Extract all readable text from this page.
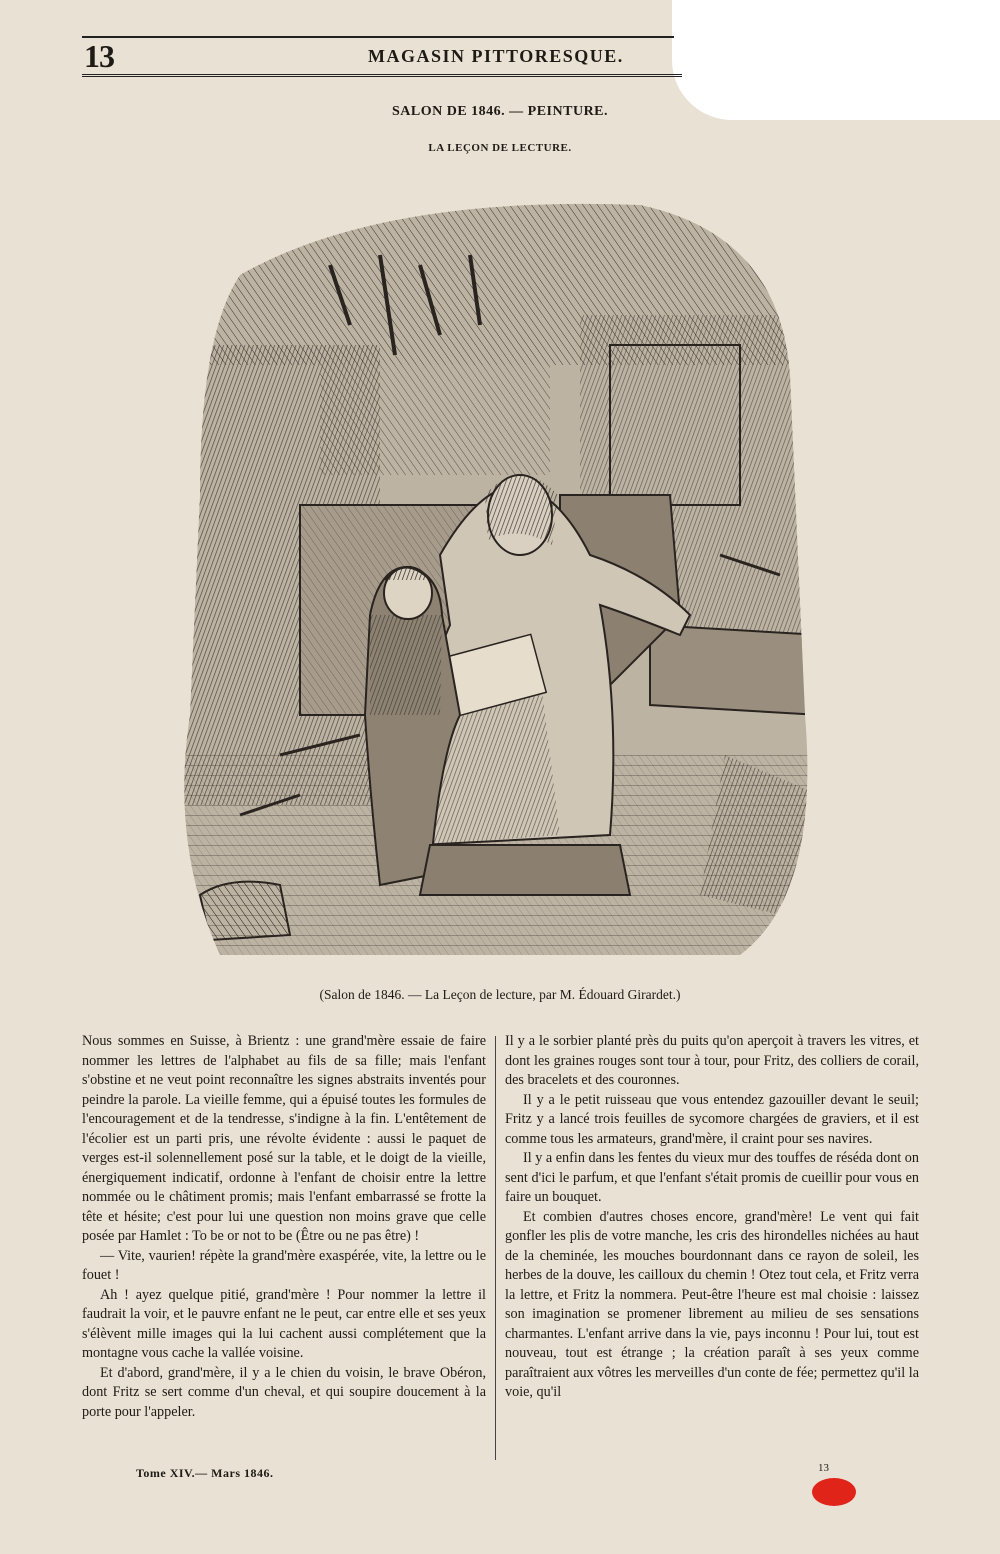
13	MAGASIN PITTORESQUE.
SALON DE 1846. — PEINTURE.
LA LEÇON DE LECTURE.
(Salon de 1846. — La Leçon de lecture, par M. Édouard Girardet.)

Nous sommes en Suisse, à Brientz : une grand'mère essaie de faire nommer les lettres de l'alphabet au fils de sa fille; mais l'enfant s'obstine et ne veut point reconnaître les signes abstraits inventés pour peindre la parole. La vieille femme, qui a épuisé toutes les formules de l'encouragement et de la tendresse, s'indigne à la fin. L'entêtement de l'écolier est un parti pris, une révolte évidente : aussi le paquet de verges est-il solennellement posé sur la table, et le doigt de la vieille, énergiquement indicatif, ordonne à l'enfant de choisir entre la lettre nommée ou le châtiment promis; mais l'enfant embarrassé se frotte la tête et hésite; c'est pour lui une question non moins grave que celle posée par Hamlet : To be or not to be (Être ou ne pas être) !

— Vite, vaurien! répète la grand'mère exaspérée, vite, la lettre ou le fouet !

Ah ! ayez quelque pitié, grand'mère ! Pour nommer la lettre il faudrait la voir, et le pauvre enfant ne le peut, car entre elle et ses yeux s'élèvent mille images qui la lui cachent aussi complétement que la montagne vous cache la vallée voisine.

Et d'abord, grand'mère, il y a le chien du voisin, le brave Obéron, dont Fritz se sert comme d'un cheval, et qui soupire doucement à la porte pour l'appeler.

Il y a le sorbier planté près du puits qu'on aperçoit à travers les vitres, et dont les graines rouges sont tour à tour, pour Fritz, des colliers de corail, des bracelets et des couronnes.

Il y a le petit ruisseau que vous entendez gazouiller devant le seuil; Fritz y a lancé trois feuilles de sycomore chargées de graviers, et il est comme tous les armateurs, grand'mère, il craint pour ses navires.

Il y a enfin dans les fentes du vieux mur des touffes de réséda dont on sent d'ici le parfum, et que l'enfant s'était promis de cueillir pour vous en faire un bouquet.

Et combien d'autres choses encore, grand'mère! Le vent qui fait gonfler les plis de votre manche, les cris des hirondelles nichées au haut de la cheminée, les mouches bourdonnant dans ce rayon de soleil, les herbes de la douve, les cailloux du chemin ! Otez tout cela, et Fritz verra la lettre, et Fritz la nommera. Peut-être l'heure est mal choisie : laissez son imagination se promener librement au milieu de ses sensations charmantes. L'enfant arrive dans la vie, pays inconnu ! Pour lui, tout est nouveau, tout est étrange ; la création paraît à ses yeux comme paraîtraient aux vôtres les merveilles d'un conte de fée; permettez qu'il la voie, qu'il

Tome XIV.— Mars 1846.	13
